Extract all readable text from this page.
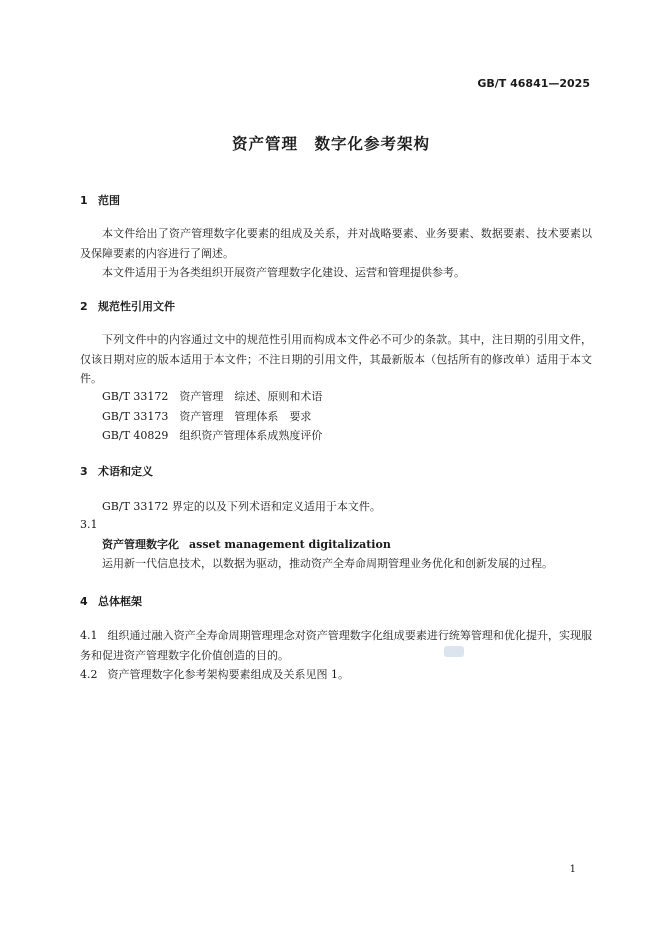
GB/T 46841—2025
资产管理　数字化参考架构
1 范围
本文件给出了资产管理数字化要素的组成及关系，并对战略要素、业务要素、数据要素、技术要素以及保障要素的内容进行了阐述。
本文件适用于为各类组织开展资产管理数字化建设、运营和管理提供参考。
2 规范性引用文件
下列文件中的内容通过文中的规范性引用而构成本文件必不可少的条款。其中，注日期的引用文件，仅该日期对应的版本适用于本文件；不注日期的引用文件，其最新版本（包括所有的修改单）适用于本文件。
GB/T 33172　资产管理　综述、原则和术语
GB/T 33173　资产管理　管理体系　要求
GB/T 40829　组织资产管理体系成熟度评价
3 术语和定义
GB/T 33172 界定的以及下列术语和定义适用于本文件。
3.1
资产管理数字化 asset management digitalization
运用新一代信息技术，以数据为驱动，推动资产全寿命周期管理业务优化和创新发展的过程。
4 总体框架
4.1 组织通过融入资产全寿命周期管理理念对资产管理数字化组成要素进行统筹管理和优化提升，实现服务和促进资产管理数字化价值创造的目的。
4.2 资产管理数字化参考架构要素组成及关系见图 1。
1
